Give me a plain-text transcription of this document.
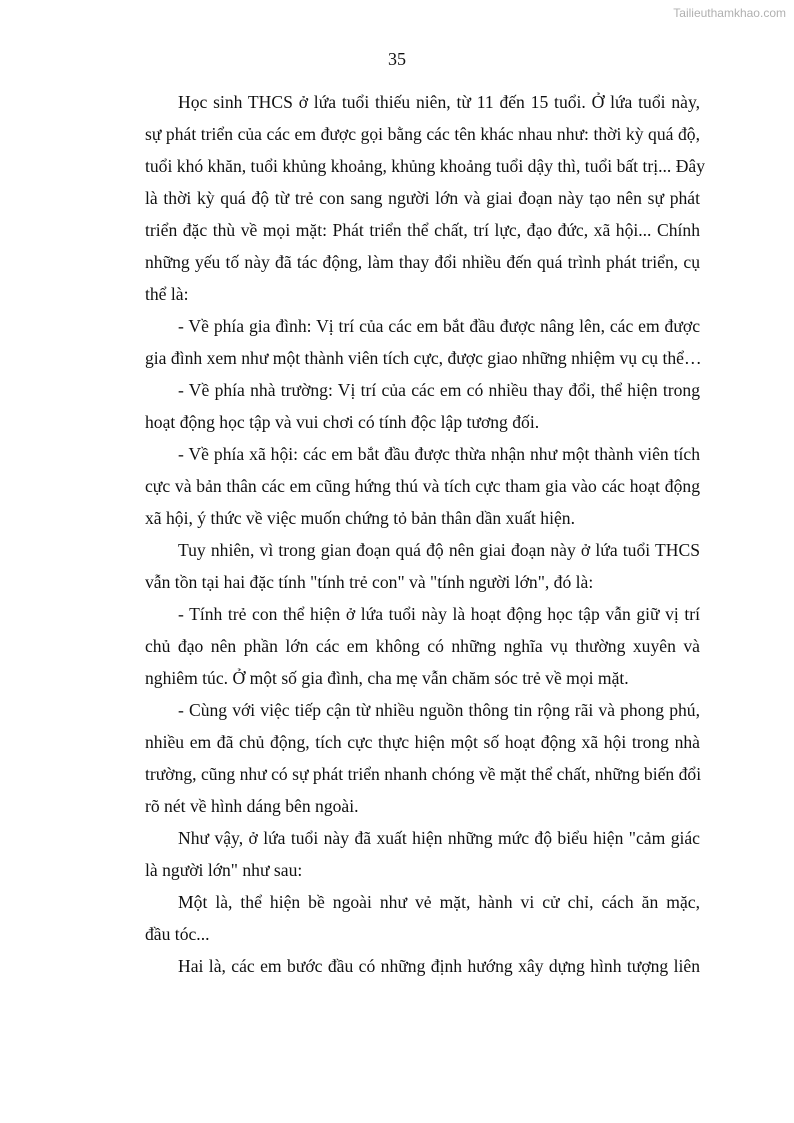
Tailieuthamkhao.com
35
Học sinh THCS ở lứa tuổi thiếu niên, từ 11 đến 15 tuổi. Ở lứa tuổi này,
sự phát triển của các em được gọi bằng các tên khác nhau như: thời kỳ quá độ,
tuổi khó khăn, tuổi khủng khoảng, khủng khoảng tuổi dậy thì, tuổi bất trị... Đây
là thời kỳ quá độ từ trẻ con sang người lớn và giai đoạn này tạo nên sự phát
triển đặc thù về mọi mặt: Phát triển thể chất, trí lực, đạo đức, xã hội... Chính
những yếu tố này đã tác động, làm thay đổi nhiều đến quá trình phát triển, cụ
thể là:
- Về phía gia đình: Vị trí của các em bắt đầu được nâng lên, các em được
gia đình xem như một thành viên tích cực, được giao những nhiệm vụ cụ thể…
- Về phía nhà trường: Vị trí của các em có nhiều thay đổi, thể hiện trong
hoạt động học tập và vui chơi có tính độc lập tương đối.
- Về phía xã hội: các em bắt đầu được thừa nhận như một thành viên tích
cực và bản thân các em cũng hứng thú và tích cực tham gia vào các hoạt động
xã hội, ý thức về việc muốn chứng tỏ bản thân dần xuất hiện.
Tuy nhiên, vì trong gian đoạn quá độ nên giai đoạn này ở lứa tuổi THCS
vẫn tồn tại hai đặc tính "tính trẻ con" và "tính người lớn", đó là:
- Tính trẻ con thể hiện ở lứa tuổi này là hoạt động học tập vẫn giữ vị trí
chủ đạo nên phần lớn các em không có những nghĩa vụ thường xuyên và
nghiêm túc. Ở một số gia đình, cha mẹ vẫn chăm sóc trẻ về mọi mặt.
- Cùng với việc tiếp cận từ nhiều nguồn thông tin rộng rãi và phong phú,
nhiều em đã chủ động, tích cực thực hiện một số hoạt động xã hội trong nhà
trường, cũng như có sự phát triển nhanh chóng về mặt thể chất, những biến đổi
rõ nét về hình dáng bên ngoài.
Như vậy, ở lứa tuổi này đã xuất hiện những mức độ biểu hiện "cảm giác
là người lớn" như sau:
Một là, thể hiện bề ngoài như vẻ mặt, hành vi cử chỉ, cách ăn mặc,
đầu tóc...
Hai là, các em bước đầu có những định hướng xây dựng hình tượng liên
